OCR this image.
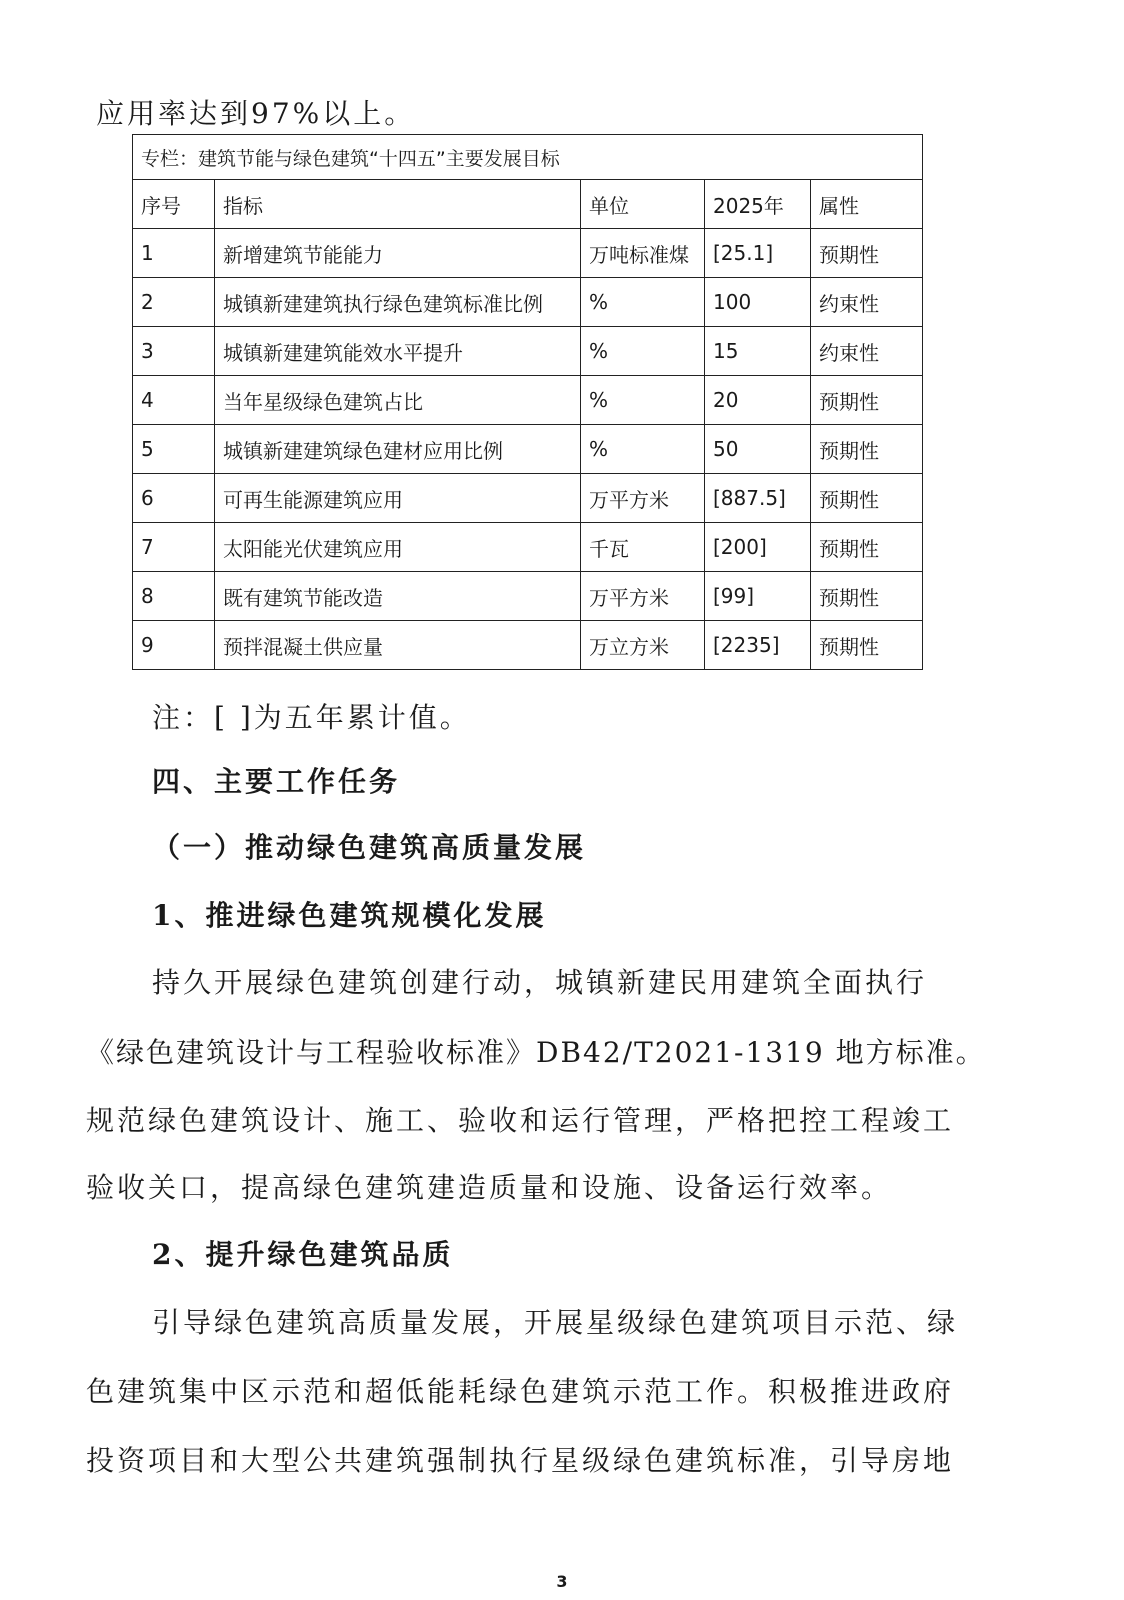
应用率达到97%以上。
专栏：建筑节能与绿色建筑“十四五”主要发展目标				
序号	指标	单位	2025年	属性
1	新增建筑节能能力	万吨标准煤	[25.1]	预期性
2	城镇新建建筑执行绿色建筑标准比例	%	100	约束性
3	城镇新建建筑能效水平提升	%	15	约束性
4	当年星级绿色建筑占比	%	20	预期性
5	城镇新建建筑绿色建材应用比例	%	50	预期性
6	可再生能源建筑应用	万平方米	[887.5]	预期性
7	太阳能光伏建筑应用	千瓦	[200]	预期性
8	既有建筑节能改造	万平方米	[99]	预期性
9	预拌混凝土供应量	万立方米	[2235]	预期性
注：[ ]为五年累计值。
四、主要工作任务
（一）推动绿色建筑高质量发展
1、推进绿色建筑规模化发展
持久开展绿色建筑创建行动，城镇新建民用建筑全面执行
《绿色建筑设计与工程验收标准》DB42/T2021-1319 地方标准。
规范绿色建筑设计、施工、验收和运行管理，严格把控工程竣工
验收关口，提高绿色建筑建造质量和设施、设备运行效率。
2、提升绿色建筑品质
引导绿色建筑高质量发展，开展星级绿色建筑项目示范、绿
色建筑集中区示范和超低能耗绿色建筑示范工作。积极推进政府
投资项目和大型公共建筑强制执行星级绿色建筑标准，引导房地
3
